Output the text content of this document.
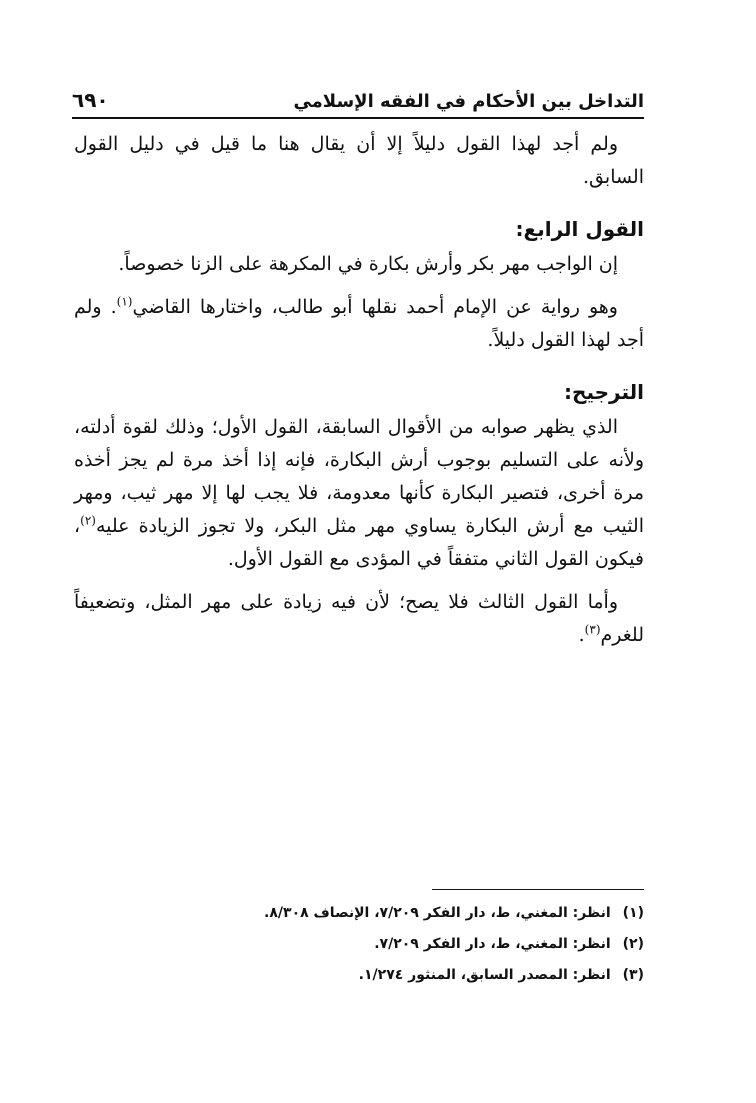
التداخل بين الأحكام في الفقه الإسلامي
٦٩٠

ولم أجد لهذا القول دليلاً إلا أن يقال هنا ما قيل في دليل القول السابق.

القول الرابع:

إن الواجب مهر بكر وأرش بكارة في المكرهة على الزنا خصوصاً.

وهو رواية عن الإمام أحمد نقلها أبو طالب، واختارها القاضي$^{(١)}$. ولم أجد لهذا القول دليلاً.

الترجيح:

الذي يظهر صوابه من الأقوال السابقة، القول الأول؛ وذلك لقوة أدلته، ولأنه على التسليم بوجوب أرش البكارة، فإنه إذا أخذ مرة لم يجز أخذه مرة أخرى، فتصير البكارة كأنها معدومة، فلا يجب لها إلا مهر ثيب، ومهر الثيب مع أرش البكارة يساوي مهر مثل البكر، ولا تجوز الزيادة عليه$^{(٢)}$، فيكون القول الثاني متفقاً في المؤدى مع القول الأول.

وأما القول الثالث فلا يصح؛ لأن فيه زيادة على مهر المثل، وتضعيفاً للغرم$^{(٣)}$.

(١)انظر: المغني، ط، دار الفكر ٧/٢٠٩، الإنصاف ٨/٣٠٨.
(٢)انظر: المغني، ط، دار الفكر ٧/٢٠٩.
(٣)انظر: المصدر السابق، المنثور ١/٢٧٤.
